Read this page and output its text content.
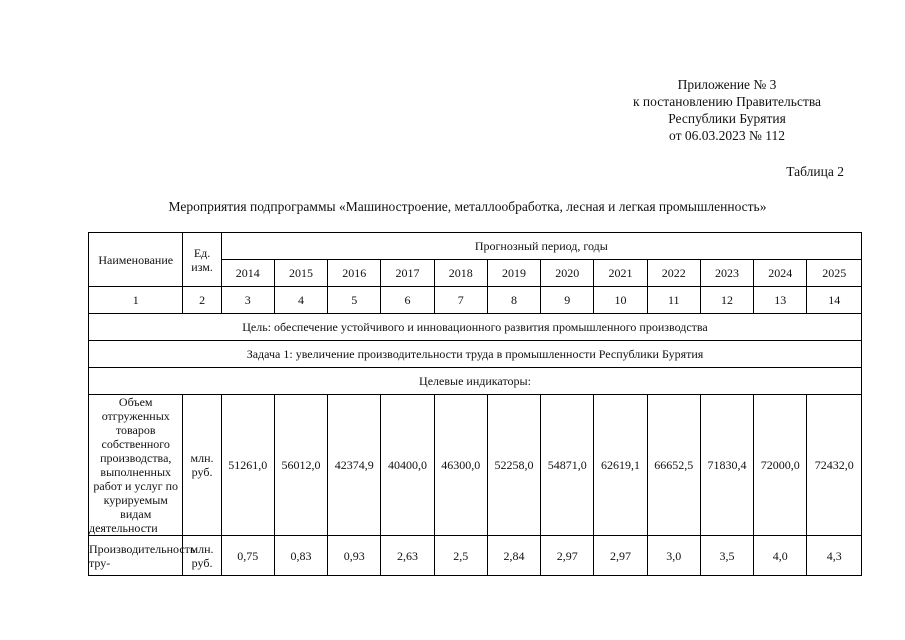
Приложение № 3
к постановлению Правительства
Республики Бурятия
от 06.03.2023 № 112
Таблица 2
Мероприятия подпрограммы «Машиностроение, металлообработка, лесная и легкая промышленность»
Наименование	Ед. изм.	Прогнозный период, годы											
		2014	2015	2016	2017	2018	2019	2020	2021	2022	2023	2024	2025
1	2	3	4	5	6	7	8	9	10	11	12	13	14
Цель: обеспечение устойчивого и инновационного развития промышленного производства													
Задача 1: увеличение производительности труда в промышленности Республики Бурятия													
Целевые индикаторы:													
Объем отгруженных товаров собственного производства, выполненных работ и услуг по курируемым видам деятельности	млн. руб.	51261,0	56012,0	42374,9	40400,0	46300,0	52258,0	54871,0	62619,1	66652,5	71830,4	72000,0	72432,0
Производительность тру-	млн. руб.	0,75	0,83	0,93	2,63	2,5	2,84	2,97	2,97	3,0	3,5	4,0	4,3
